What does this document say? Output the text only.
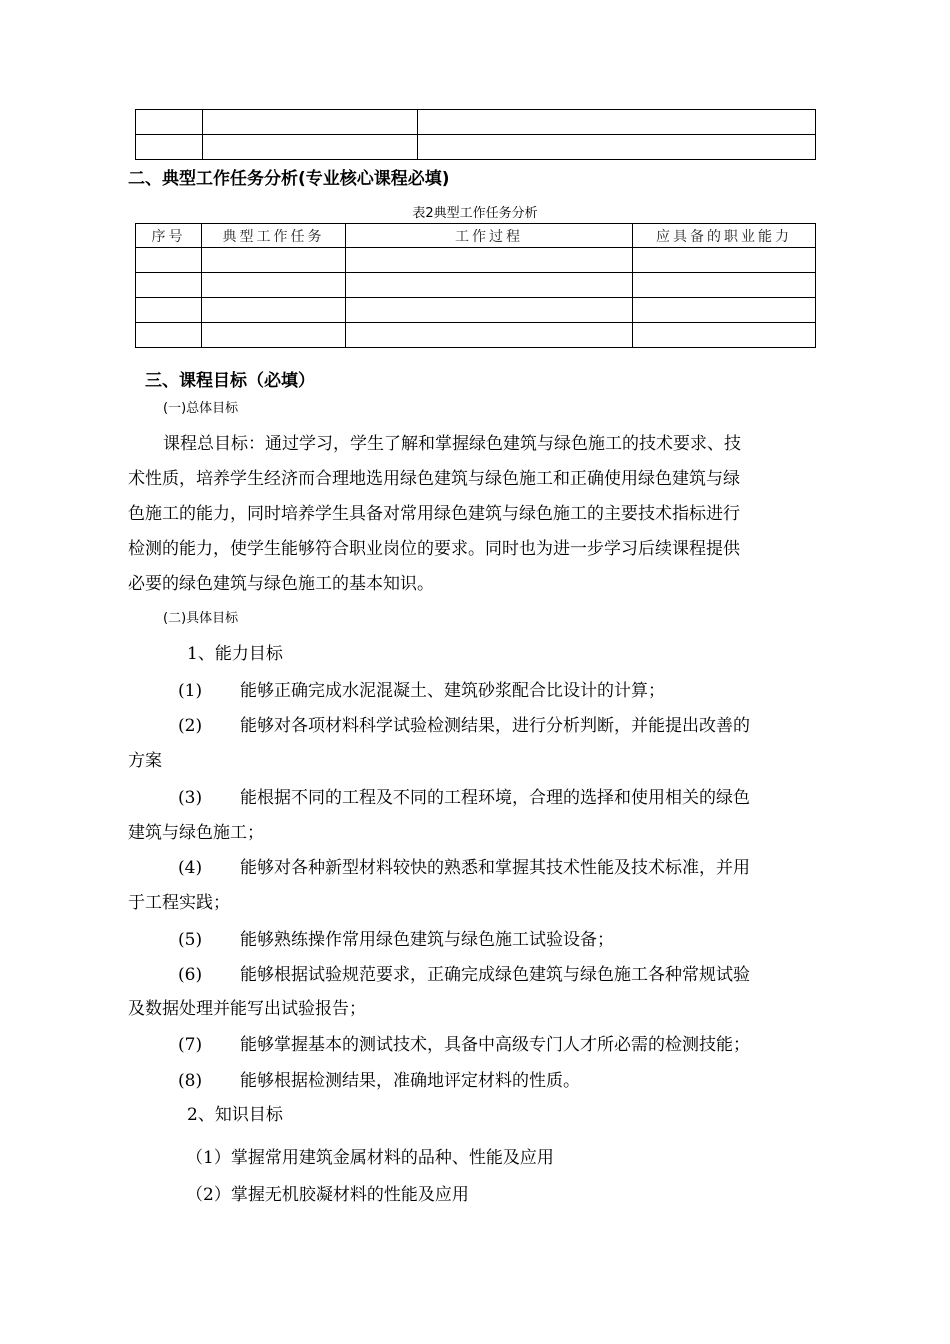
二、典型工作任务分析(专业核心课程必填)
表2典型工作任务分析
序号	典型工作任务	工作过程	应具备的职业能力

三、课程目标（必填）
(一)总体目标
课程总目标：通过学习，学生了解和掌握绿色建筑与绿色施工的技术要求、技
术性质，培养学生经济而合理地选用绿色建筑与绿色施工和正确使用绿色建筑与绿
色施工的能力，同时培养学生具备对常用绿色建筑与绿色施工的主要技术指标进行
检测的能力，使学生能够符合职业岗位的要求。同时也为进一步学习后续课程提供
必要的绿色建筑与绿色施工的基本知识。
(二)具体目标
1、能力目标
(1) 能够正确完成水泥混凝土、建筑砂浆配合比设计的计算；
(2) 能够对各项材料科学试验检测结果，进行分析判断，并能提出改善的
方案
(3) 能根据不同的工程及不同的工程环境，合理的选择和使用相关的绿色
建筑与绿色施工；
(4) 能够对各种新型材料较快的熟悉和掌握其技术性能及技术标准，并用
于工程实践；
(5) 能够熟练操作常用绿色建筑与绿色施工试验设备；
(6) 能够根据试验规范要求，正确完成绿色建筑与绿色施工各种常规试验
及数据处理并能写出试验报告；
(7) 能够掌握基本的测试技术，具备中高级专门人才所必需的检测技能；
(8) 能够根据检测结果，准确地评定材料的性质。
2、知识目标
（1）掌握常用建筑金属材料的品种、性能及应用
（2）掌握无机胶凝材料的性能及应用
